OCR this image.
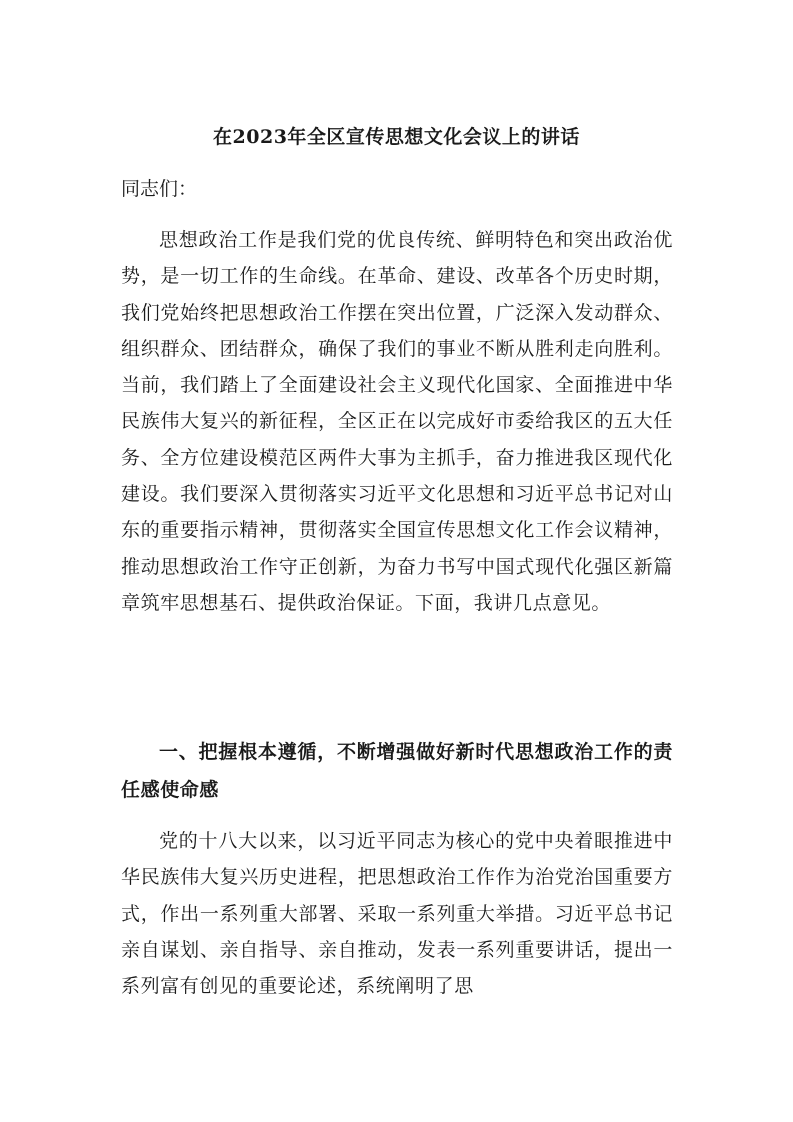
在2023年全区宣传思想文化会议上的讲话
同志们：

思想政治工作是我们党的优良传统、鲜明特色和突出政治优势，是一切工作的生命线。在革命、建设、改革各个历史时期，我们党始终把思想政治工作摆在突出位置，广泛深入发动群众、组织群众、团结群众，确保了我们的事业不断从胜利走向胜利。当前，我们踏上了全面建设社会主义现代化国家、全面推进中华民族伟大复兴的新征程，全区正在以完成好市委给我区的五大任务、全方位建设模范区两件大事为主抓手，奋力推进我区现代化建设。我们要深入贯彻落实习近平文化思想和习近平总书记对山东的重要指示精神，贯彻落实全国宣传思想文化工作会议精神，推动思想政治工作守正创新，为奋力书写中国式现代化强区新篇章筑牢思想基石、提供政治保证。下面，我讲几点意见。

一、把握根本遵循，不断增强做好新时代思想政治工作的责任感使命感

党的十八大以来，以习近平同志为核心的党中央着眼推进中华民族伟大复兴历史进程，把思想政治工作作为治党治国重要方式，作出一系列重大部署、采取一系列重大举措。习近平总书记亲自谋划、亲自指导、亲自推动，发表一系列重要讲话，提出一系列富有创见的重要论述，系统阐明了思
